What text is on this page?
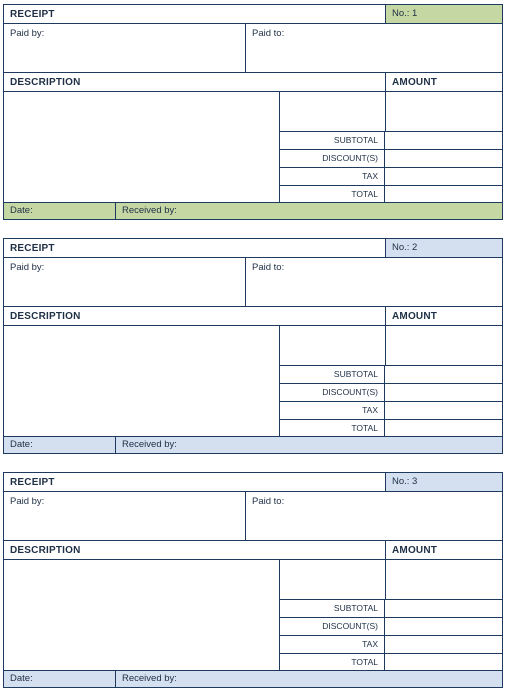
RECEIPT	No.: 1
Paid by:	Paid to:
DESCRIPTION	AMOUNT
SUBTOTAL
DISCOUNT(S)
TAX
TOTAL
Date:	Received by:
RECEIPT	No.: 2
Paid by:	Paid to:
DESCRIPTION	AMOUNT
SUBTOTAL
DISCOUNT(S)
TAX
TOTAL
Date:	Received by:
RECEIPT	No.: 3
Paid by:	Paid to:
DESCRIPTION	AMOUNT
SUBTOTAL
DISCOUNT(S)
TAX
TOTAL
Date:	Received by:
